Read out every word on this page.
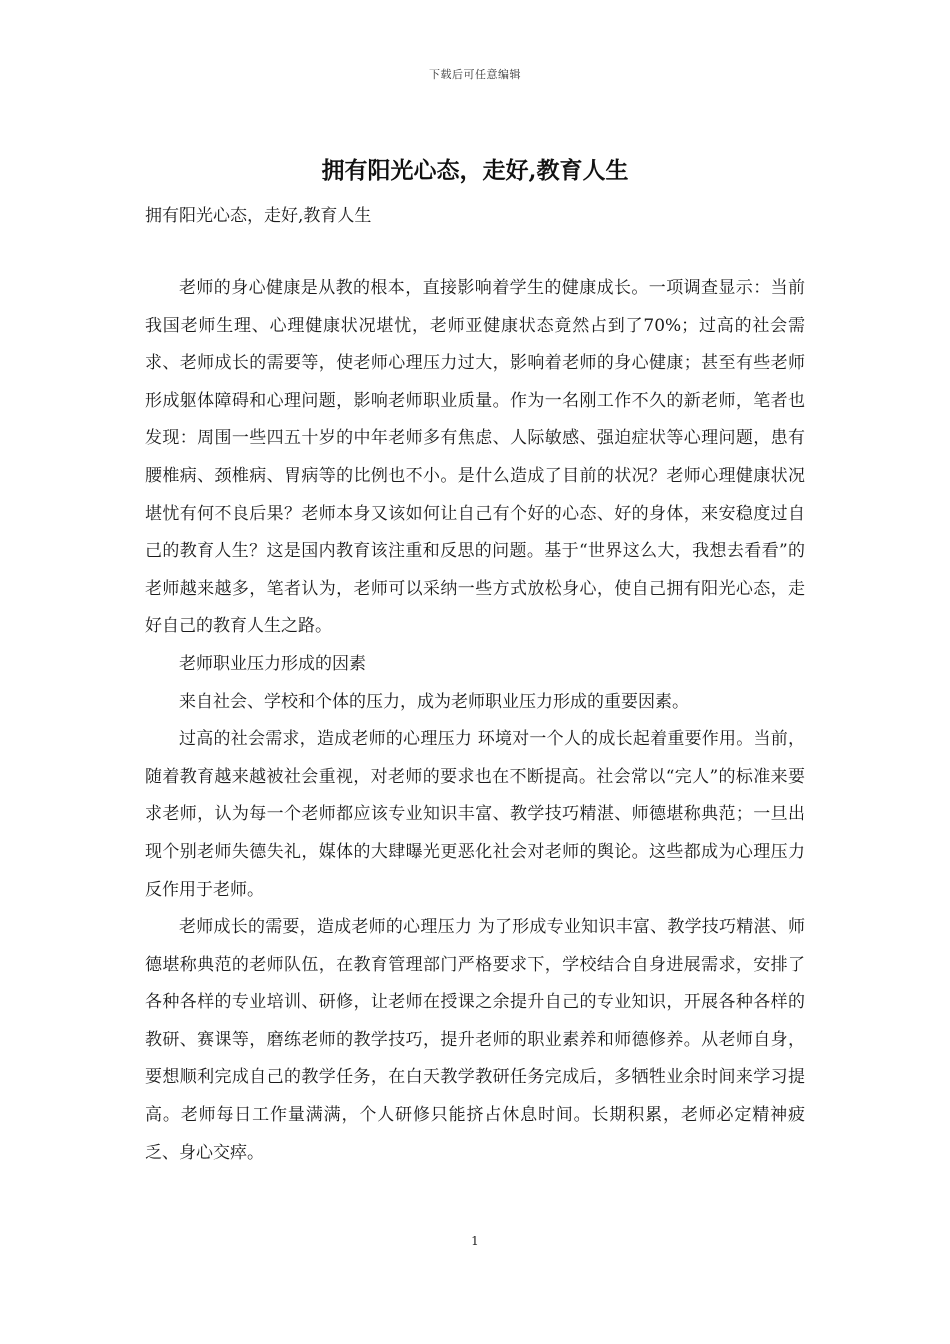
下载后可任意编辑
拥有阳光心态，走好,教育人生
拥有阳光心态，走好,教育人生

老师的身心健康是从教的根本，直接影响着学生的健康成长。一项调查显示：当前我国老师生理、心理健康状况堪忧，老师亚健康状态竟然占到了70%；过高的社会需求、老师成长的需要等，使老师心理压力过大，影响着老师的身心健康；甚至有些老师形成躯体障碍和心理问题，影响老师职业质量。作为一名刚工作不久的新老师，笔者也发现：周围一些四五十岁的中年老师多有焦虑、人际敏感、强迫症状等心理问题，患有腰椎病、颈椎病、胃病等的比例也不小。是什么造成了目前的状况？老师心理健康状况堪忧有何不良后果？老师本身又该如何让自己有个好的心态、好的身体，来安稳度过自己的教育人生？这是国内教育该注重和反思的问题。基于“世界这么大，我想去看看”的老师越来越多，笔者认为，老师可以采纳一些方式放松身心，使自己拥有阳光心态，走好自己的教育人生之路。

老师职业压力形成的因素

来自社会、学校和个体的压力，成为老师职业压力形成的重要因素。

过高的社会需求，造成老师的心理压力 环境对一个人的成长起着重要作用。当前，随着教育越来越被社会重视，对老师的要求也在不断提高。社会常以“完人”的标准来要求老师，认为每一个老师都应该专业知识丰富、教学技巧精湛、师德堪称典范；一旦出现个别老师失德失礼，媒体的大肆曝光更恶化社会对老师的舆论。这些都成为心理压力反作用于老师。

老师成长的需要，造成老师的心理压力 为了形成专业知识丰富、教学技巧精湛、师德堪称典范的老师队伍，在教育管理部门严格要求下，学校结合自身进展需求，安排了各种各样的专业培训、研修，让老师在授课之余提升自己的专业知识，开展各种各样的教研、赛课等，磨练老师的教学技巧，提升老师的职业素养和师德修养。从老师自身，要想顺利完成自己的教学任务，在白天教学教研任务完成后，多牺牲业余时间来学习提高。老师每日工作量满满，个人研修只能挤占休息时间。长期积累，老师必定精神疲乏、身心交瘁。

1
